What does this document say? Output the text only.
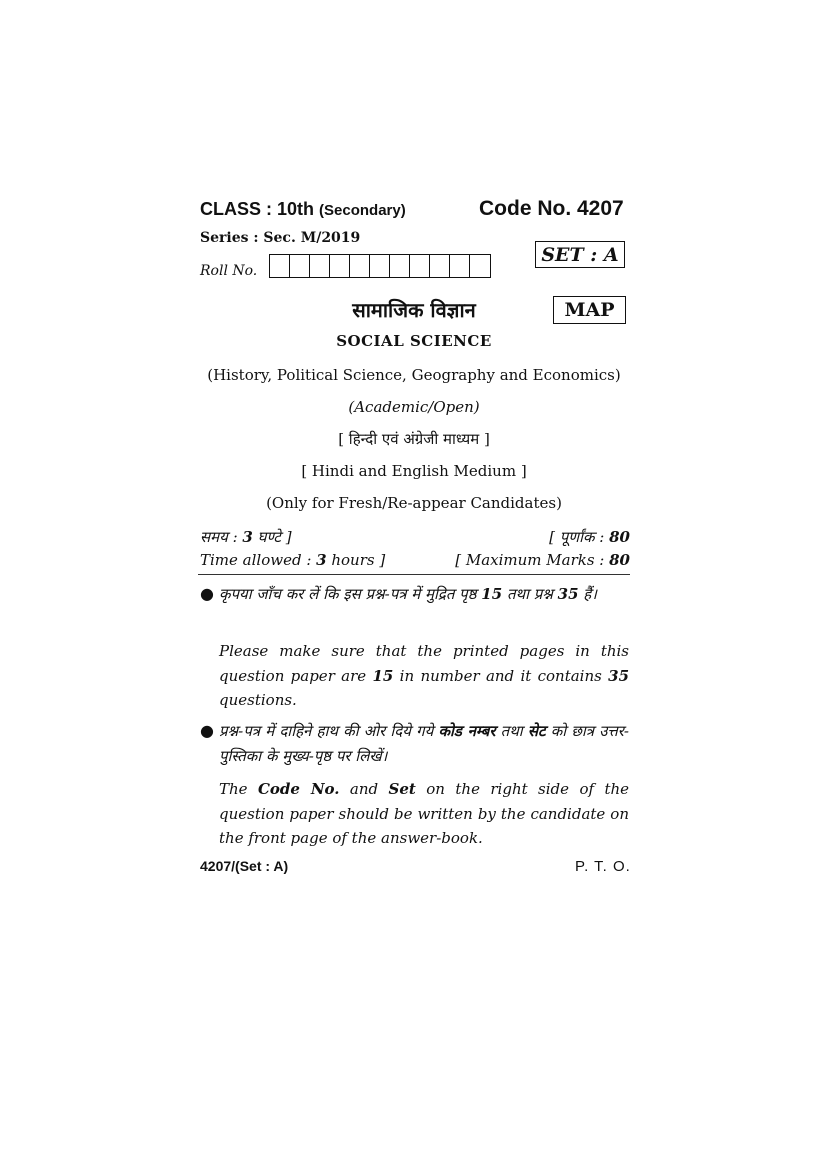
CLASS : 10th (Secondary)	Code No. 4207
Series : Sec. M/2019
Roll No.
SET : A
MAP
सामाजिक विज्ञान
SOCIAL SCIENCE
(History, Political Science, Geography and Economics)
(Academic/Open)
[ हिन्दी एवं अंग्रेजी माध्यम ]
[ Hindi and English Medium ]
(Only for Fresh/Re-appear Candidates)
समय : 3 घण्टे ]	[ पूर्णांक : 80
Time allowed : 3 hours ]	[ Maximum Marks : 80
● कृपया जाँच कर लें कि इस प्रश्न-पत्र में मुद्रित पृष्ठ 15 तथा प्रश्न 35 हैं।
Please make sure that the printed pages in this question paper are 15 in number and it contains 35 questions.
● प्रश्न-पत्र में दाहिने हाथ की ओर दिये गये कोड नम्बर तथा सेट को छात्र उत्तर-पुस्तिका के मुख्य-पृष्ठ पर लिखें।
The Code No. and Set on the right side of the question paper should be written by the candidate on the front page of the answer-book.
4207/(Set : A)	P. T. O.
